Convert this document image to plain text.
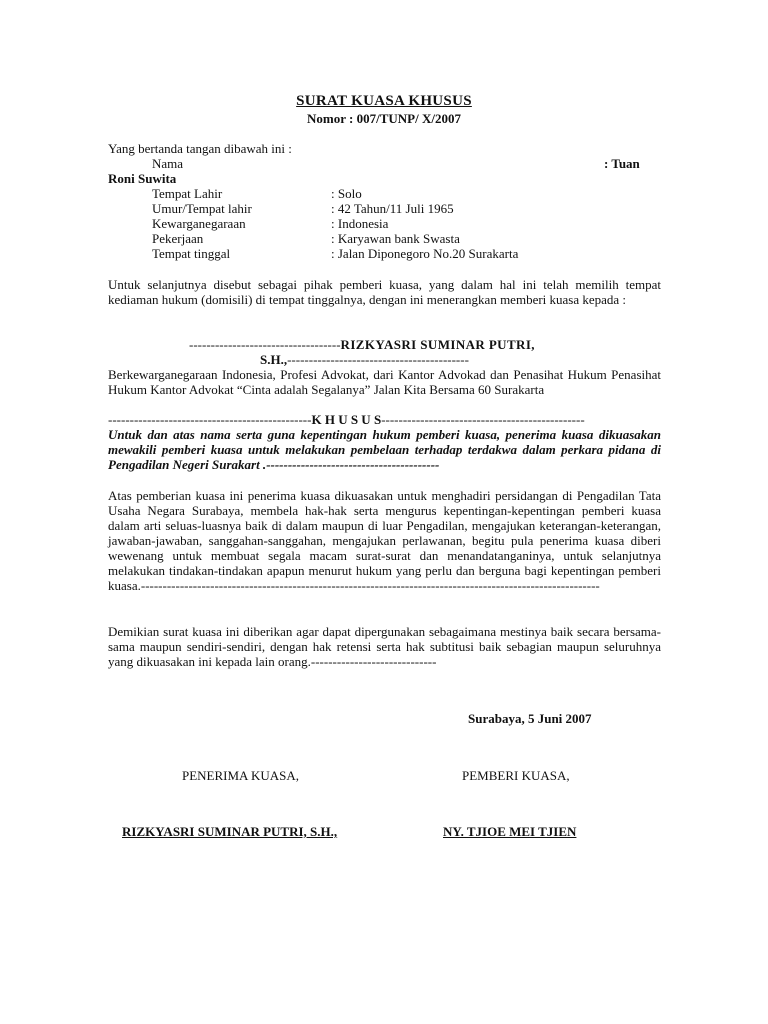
SURAT KUASA KHUSUS
Nomor : 007/TUNP/ X/2007
Yang bertanda tangan dibawah ini :
Nama	: Tuan
Roni Suwita
Tempat Lahir	: Solo
Umur/Tempat lahir	: 42 Tahun/11 Juli 1965
Kewarganegaraan	: Indonesia
Pekerjaan	: Karyawan bank Swasta
Tempat tinggal	: Jalan Diponegoro No.20 Surakarta
Untuk selanjutnya disebut sebagai pihak pemberi kuasa, yang dalam hal ini telah memilih tempat kediaman hukum (domisili) di tempat tinggalnya, dengan ini menerangkan memberi kuasa kepada :
-----------------------------------RIZKYASRI SUMINAR PUTRI,
S.H.,------------------------------------------
Berkewarganegaraan Indonesia, Profesi Advokat, dari Kantor Advokad dan Penasihat Hukum Penasihat Hukum Kantor Advokat “Cinta adalah Segalanya” Jalan Kita Bersama 60 Surakarta
-----------------------------------------------K H U S U S-----------------------------------------------
Untuk dan atas nama serta guna kepentingan hukum pemberi kuasa, penerima kuasa dikuasakan mewakili pemberi kuasa untuk melakukan pembelaan terhadap terdakwa dalam perkara pidana di Pengadilan Negeri Surakart .----------------------------------------
Atas pemberian kuasa ini penerima kuasa dikuasakan untuk menghadiri persidangan di Pengadilan Tata Usaha Negara Surabaya, membela hak-hak serta mengurus kepentingan-kepentingan pemberi kuasa dalam arti seluas-luasnya baik di dalam maupun di luar Pengadilan, mengajukan keterangan-keterangan, jawaban-jawaban, sanggahan-sanggahan, mengajukan perlawanan, begitu pula penerima kuasa diberi wewenang untuk membuat segala macam surat-surat dan menandatanganinya, untuk selanjutnya melakukan tindakan-tindakan apapun menurut hukum yang perlu dan berguna bagi kepentingan pemberi kuasa.----------------------------------------------------------------------------------------------------------
Demikian surat kuasa ini diberikan agar dapat dipergunakan sebagaimana mestinya baik secara bersama-sama maupun sendiri-sendiri, dengan hak retensi serta hak subtitusi baik sebagian maupun seluruhnya yang dikuasakan ini kepada lain orang.-----------------------------
Surabaya, 5 Juni 2007
PENERIMA KUASA,	PEMBERI KUASA,
RIZKYASRI SUMINAR PUTRI, S.H.,	NY. TJIOE MEI TJIEN
